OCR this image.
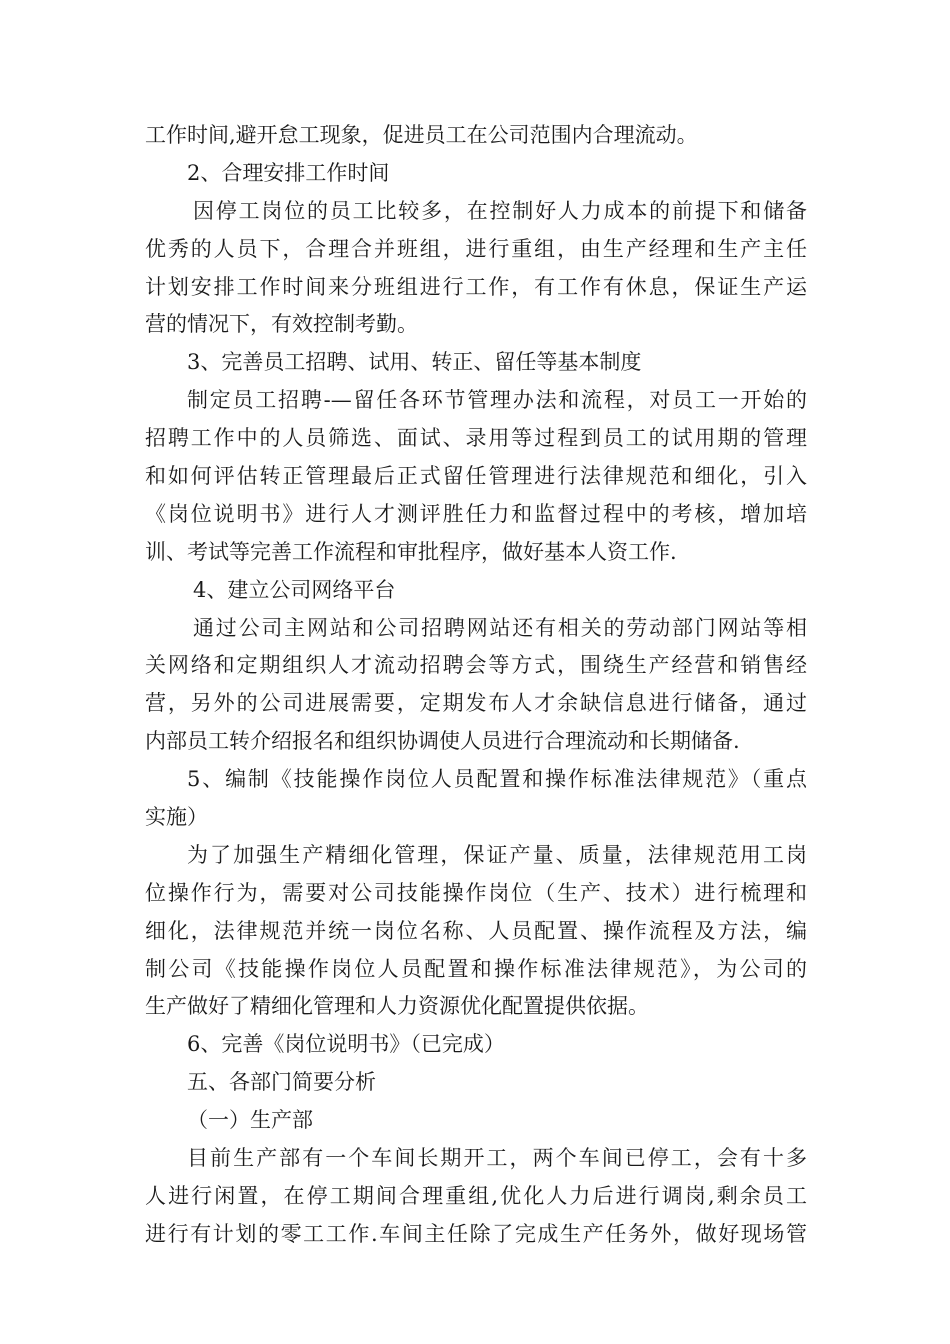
工作时间,避开怠工现象，促进员工在公司范围内合理流动。
2、合理安排工作时间
因停工岗位的员工比较多，在控制好人力成本的前提下和储备
优秀的人员下，合理合并班组，进行重组，由生产经理和生产主任
计划安排工作时间来分班组进行工作，有工作有休息，保证生产运
营的情况下，有效控制考勤。
3、完善员工招聘、试用、转正、留任等基本制度
制定员工招聘-—留任各环节管理办法和流程，对员工一开始的
招聘工作中的人员筛选、面试、录用等过程到员工的试用期的管理
和如何评估转正管理最后正式留任管理进行法律规范和细化，引入
《岗位说明书》进行人才测评胜任力和监督过程中的考核，增加培
训、考试等完善工作流程和审批程序，做好基本人资工作.
4、建立公司网络平台
通过公司主网站和公司招聘网站还有相关的劳动部门网站等相
关网络和定期组织人才流动招聘会等方式，围绕生产经营和销售经
营，另外的公司进展需要，定期发布人才余缺信息进行储备，通过
内部员工转介绍报名和组织协调使人员进行合理流动和长期储备.
5、编制《技能操作岗位人员配置和操作标准法律规范》（重点
实施）
为了加强生产精细化管理，保证产量、质量，法律规范用工岗
位操作行为，需要对公司技能操作岗位（生产、技术）进行梳理和
细化，法律规范并统一岗位名称、人员配置、操作流程及方法，编
制公司《技能操作岗位人员配置和操作标准法律规范》，为公司的
生产做好了精细化管理和人力资源优化配置提供依据。
6、完善《岗位说明书》（已完成）
五、各部门简要分析
（一）生产部
目前生产部有一个车间长期开工，两个车间已停工，会有十多
人进行闲置，在停工期间合理重组,优化人力后进行调岗,剩余员工
进行有计划的零工工作.车间主任除了完成生产任务外，做好现场管
